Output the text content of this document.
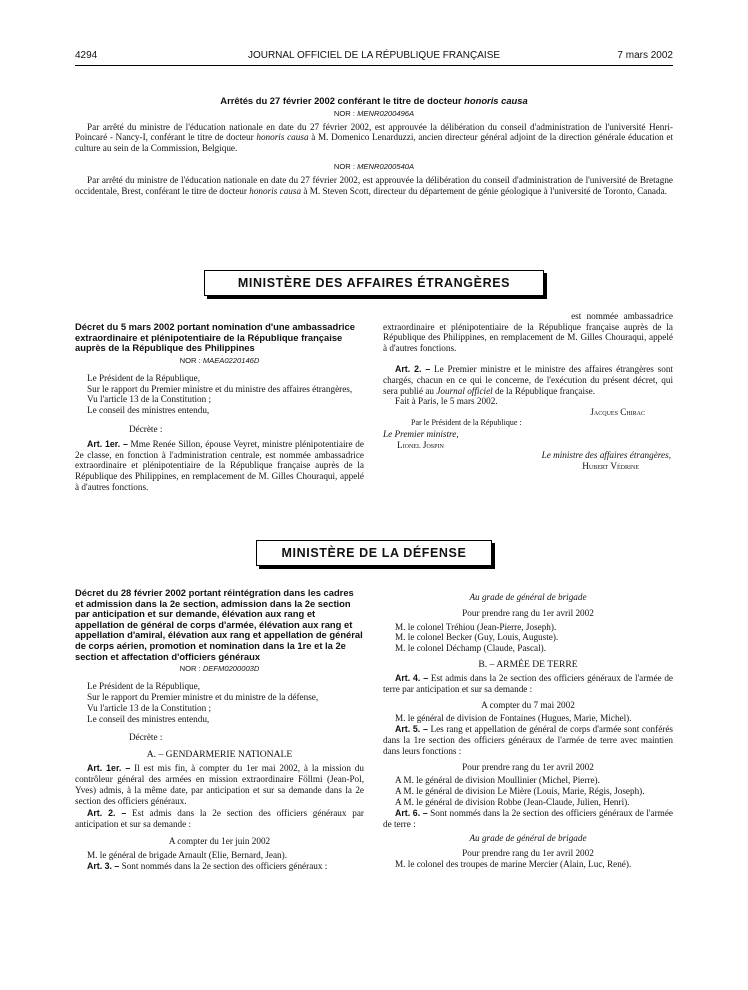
4294	JOURNAL OFFICIEL DE LA RÉPUBLIQUE FRANÇAISE	7 mars 2002

Arrêtés du 27 février 2002 conférant le titre de docteur honoris causa

NOR : MENR0200496A

Par arrêté du ministre de l'éducation nationale en date du 27 février 2002, est approuvée la délibération du conseil d'administration de l'université Henri-Poincaré - Nancy-I, conférant le titre de docteur honoris causa à M. Domenico Lenarduzzi, ancien directeur général adjoint de la direction générale éducation et culture au sein de la Commission, Belgique.

NOR : MENR0200540A

Par arrêté du ministre de l'éducation nationale en date du 27 février 2002, est approuvée la délibération du conseil d'administration de l'université de Bretagne occidentale, Brest, conférant le titre de docteur honoris causa à M. Steven Scott, directeur du département de génie géologique à l'université de Toronto, Canada.

MINISTÈRE DES AFFAIRES ÉTRANGÈRES

Décret du 5 mars 2002 portant nomination d'une ambassadrice extraordinaire et plénipotentiaire de la République française auprès de la République des Philippines

NOR : MAEA0220146D

Le Président de la République,

Sur le rapport du Premier ministre et du ministre des affaires étrangères,

Vu l'article 13 de la Constitution ;

Le conseil des ministres entendu,

Décrète :

Art. 1er. – Mme Renée Sillon, épouse Veyret, ministre plénipotentiaire de 2e classe, en fonction à l'administration centrale, est nommée ambassadrice extraordinaire et plénipotentiaire de la République française auprès de la République des Philippines, en remplacement de M. Gilles Chouraqui, appelé à d'autres fonctions.

est nommée ambassadrice extraordinaire et plénipotentiaire de la République française auprès de la République des Philippines, en remplacement de M. Gilles Chouraqui, appelé à d'autres fonctions.

Art. 2. – Le Premier ministre et le ministre des affaires étrangères sont chargés, chacun en ce qui le concerne, de l'exécution du présent décret, qui sera publié au Journal officiel de la République française.

Fait à Paris, le 5 mars 2002.

Jacques Chirac

Par le Président de la République :

Le Premier ministre,

Lionel Jospin

Le ministre des affaires étrangères,

Hubert Védrine

MINISTÈRE DE LA DÉFENSE

Décret du 28 février 2002 portant réintégration dans les cadres et admission dans la 2e section, admission dans la 2e section par anticipation et sur demande, élévation aux rang et appellation de général de corps d'armée, élévation aux rang et appellation d'amiral, élévation aux rang et appellation de général de corps aérien, promotion et nomination dans la 1re et la 2e section et affectation d'officiers généraux

NOR : DEFM0200003D

Le Président de la République,

Sur le rapport du Premier ministre et du ministre de la défense,

Vu l'article 13 de la Constitution ;

Le conseil des ministres entendu,

Décrète :

A. – GENDARMERIE NATIONALE

Art. 1er. – Il est mis fin, à compter du 1er mai 2002, à la mission du contrôleur général des armées en mission extraordinaire Föllmi (Jean-Pol, Yves) admis, à la même date, par anticipation et sur sa demande dans la 2e section des officiers généraux.

Art. 2. – Est admis dans la 2e section des officiers généraux par anticipation et sur sa demande :

A compter du 1er juin 2002

M. le général de brigade Arnault (Elie, Bernard, Jean).

Art. 3. – Sont nommés dans la 2e section des officiers généraux :

Au grade de général de brigade

Pour prendre rang du 1er avril 2002

M. le colonel Tréhiou (Jean-Pierre, Joseph).

M. le colonel Becker (Guy, Louis, Auguste).

M. le colonel Déchamp (Claude, Pascal).

B. – ARMÉE DE TERRE

Art. 4. – Est admis dans la 2e section des officiers généraux de l'armée de terre par anticipation et sur sa demande :

A compter du 7 mai 2002

M. le général de division de Fontaines (Hugues, Marie, Michel).

Art. 5. – Les rang et appellation de général de corps d'armée sont conférés dans la 1re section des officiers généraux de l'armée de terre avec maintien dans leurs fonctions :

Pour prendre rang du 1er avril 2002

A M. le général de division Moullinier (Michel, Pierre).

A M. le général de division Le Mière (Louis, Marie, Régis, Joseph).

A M. le général de division Robbe (Jean-Claude, Julien, Henri).

Art. 6. – Sont nommés dans la 2e section des officiers généraux de l'armée de terre :

Au grade de général de brigade

Pour prendre rang du 1er avril 2002

M. le colonel des troupes de marine Mercier (Alain, Luc, René).
